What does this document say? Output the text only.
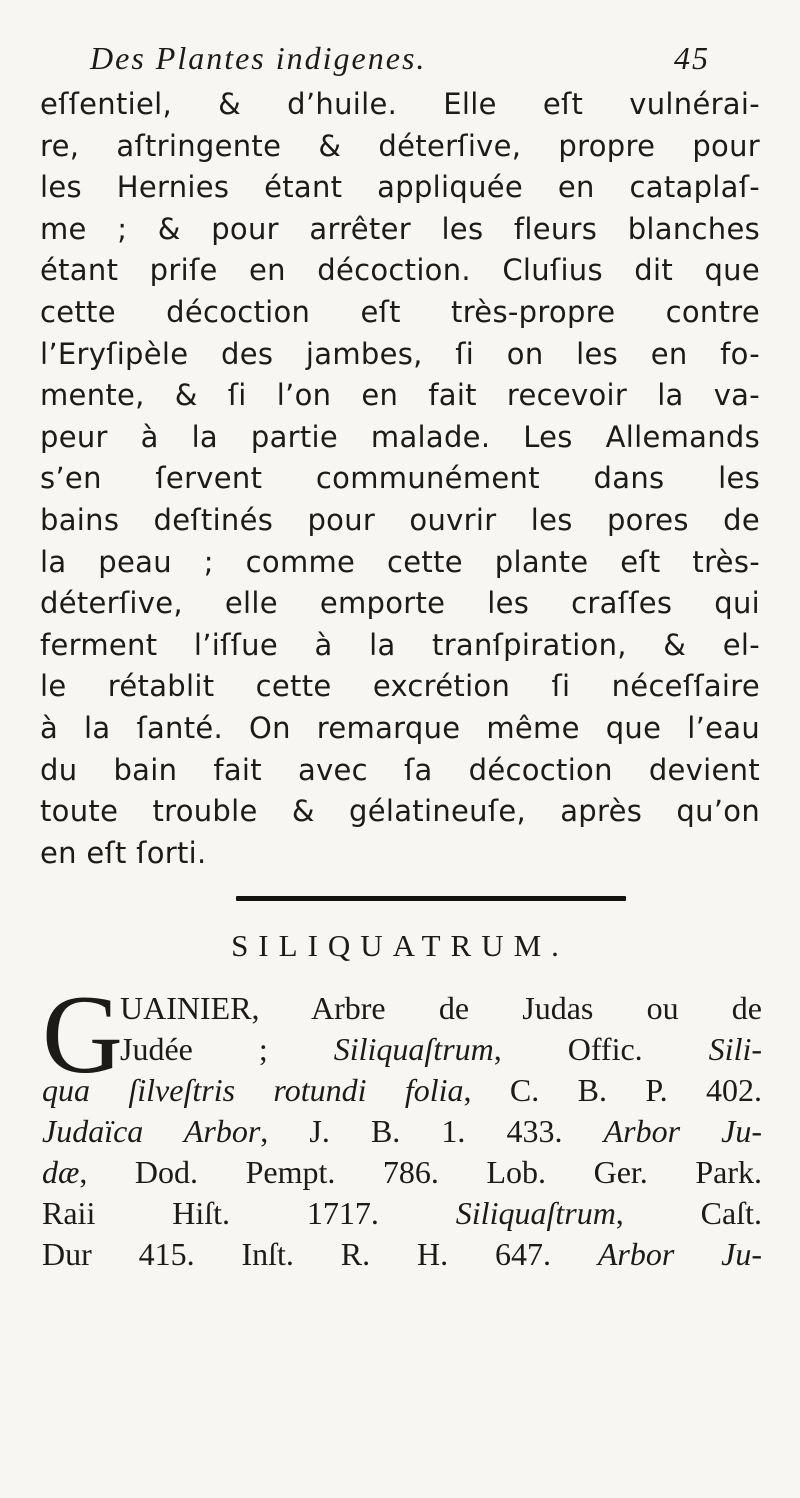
Des Plantes indigenes.	45
eſſentiel, & d’huile. Elle eſt vulnérai-
re, aſtringente & déterſive, propre pour
les Hernies étant appliquée en cataplaſ-
me ; & pour arrêter les fleurs blanches
étant priſe en décoction. Cluſius dit que
cette décoction eſt très-propre contre
l’Eryſipèle des jambes, ſi on les en fo-
mente, & ſi l’on en fait recevoir la va-
peur à la partie malade. Les Allemands
s’en ſervent communément dans les
bains deſtinés pour ouvrir les pores de
la peau ; comme cette plante eſt très-
déterſive, elle emporte les craſſes qui
ferment l’iſſue à la tranſpiration, & el-
le rétablit cette excrétion ſi néceſſaire
à la ſanté. On remarque même que l’eau
du bain fait avec ſa décoction devient
toute trouble & gélatineuſe, après qu’on
en eſt ſorti.
SILIQUATRUM.
G
UAINIER, Arbre de Judas ou de
Judée ; Siliquaſtrum, Offic. Sili-
qua ſilveſtris rotundi folia, C. B. P. 402.
Judaïca Arbor, J. B. 1. 433. Arbor Ju-
dæ, Dod. Pempt. 786. Lob. Ger. Park.
Raii Hiſt. 1717. Siliquaſtrum, Caſt.
Dur 415. Inſt. R. H. 647. Arbor Ju-
